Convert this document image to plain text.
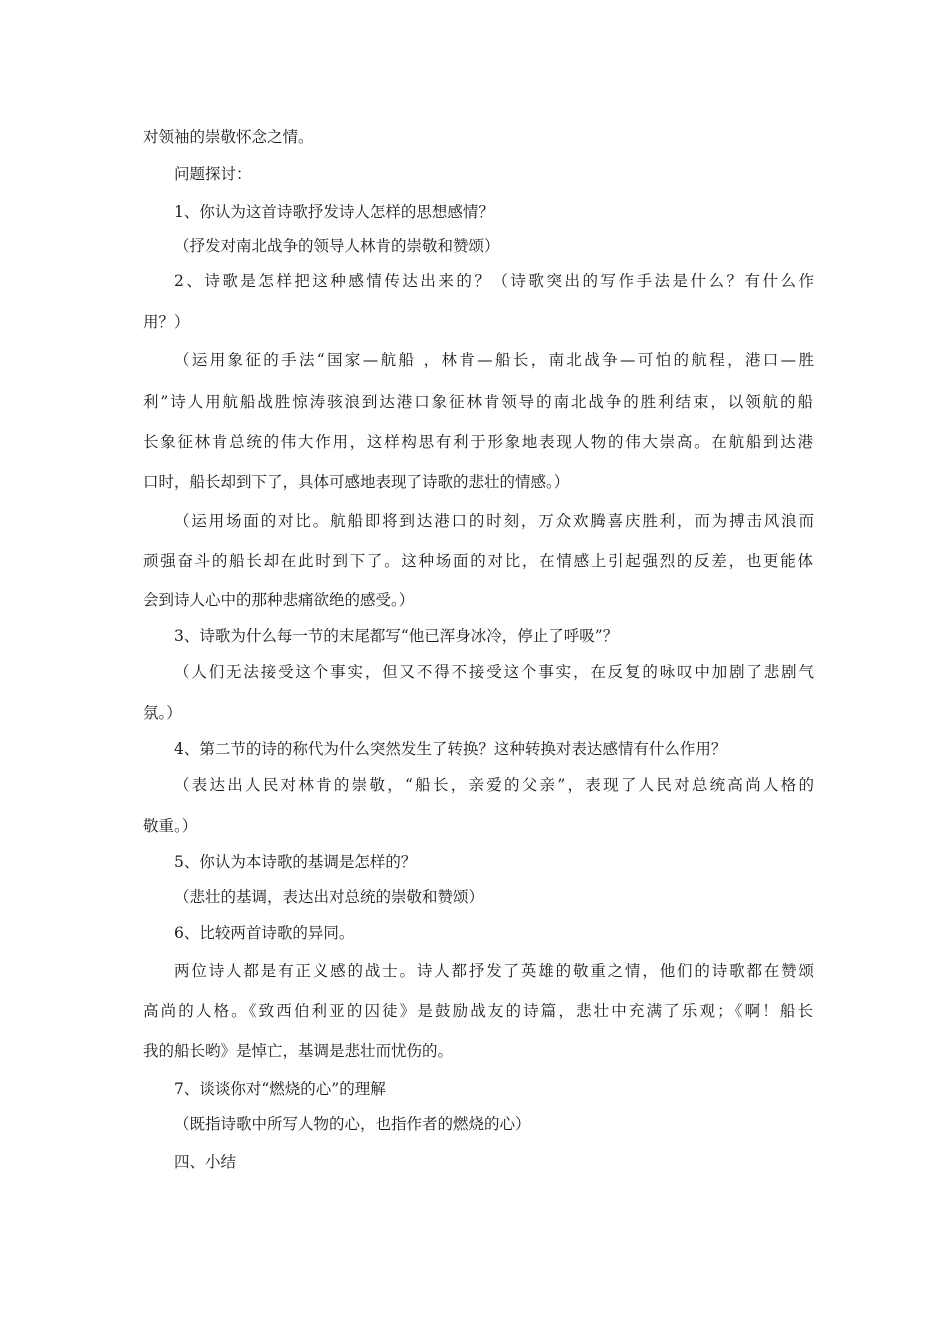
对领袖的崇敬怀念之情。
问题探讨：
1、你认为这首诗歌抒发诗人怎样的思想感情？
（抒发对南北战争的领导人林肯的崇敬和赞颂）
2、诗歌是怎样把这种感情传达出来的？（诗歌突出的写作手法是什么？有什么作
用？）
（运用象征的手法“国家—航船 ，林肯—船长，南北战争—可怕的航程，港口—胜
利”诗人用航船战胜惊涛骇浪到达港口象征林肯领导的南北战争的胜利结束，以领航的船
长象征林肯总统的伟大作用，这样构思有利于形象地表现人物的伟大崇高。在航船到达港
口时，船长却到下了，具体可感地表现了诗歌的悲壮的情感。）
（运用场面的对比。航船即将到达港口的时刻，万众欢腾喜庆胜利，而为搏击风浪而
顽强奋斗的船长却在此时到下了。这种场面的对比，在情感上引起强烈的反差，也更能体
会到诗人心中的那种悲痛欲绝的感受。）
3、诗歌为什么每一节的末尾都写“他已浑身冰冷，停止了呼吸”？
（人们无法接受这个事实，但又不得不接受这个事实，在反复的咏叹中加剧了悲剧气
氛。）
4、第二节的诗的称代为什么突然发生了转换？这种转换对表达感情有什么作用？
（表达出人民对林肯的崇敬，“船长，亲爱的父亲”，表现了人民对总统高尚人格的
敬重。）
5、你认为本诗歌的基调是怎样的？
（悲壮的基调，表达出对总统的崇敬和赞颂）
6、比较两首诗歌的异同。
两位诗人都是有正义感的战士。诗人都抒发了英雄的敬重之情，他们的诗歌都在赞颂
高尚的人格。《致西伯利亚的囚徒》是鼓励战友的诗篇，悲壮中充满了乐观；《啊！船长
我的船长哟》是悼亡，基调是悲壮而忧伤的。
7、谈谈你对“燃烧的心”的理解
（既指诗歌中所写人物的心，也指作者的燃烧的心）
四、小结
